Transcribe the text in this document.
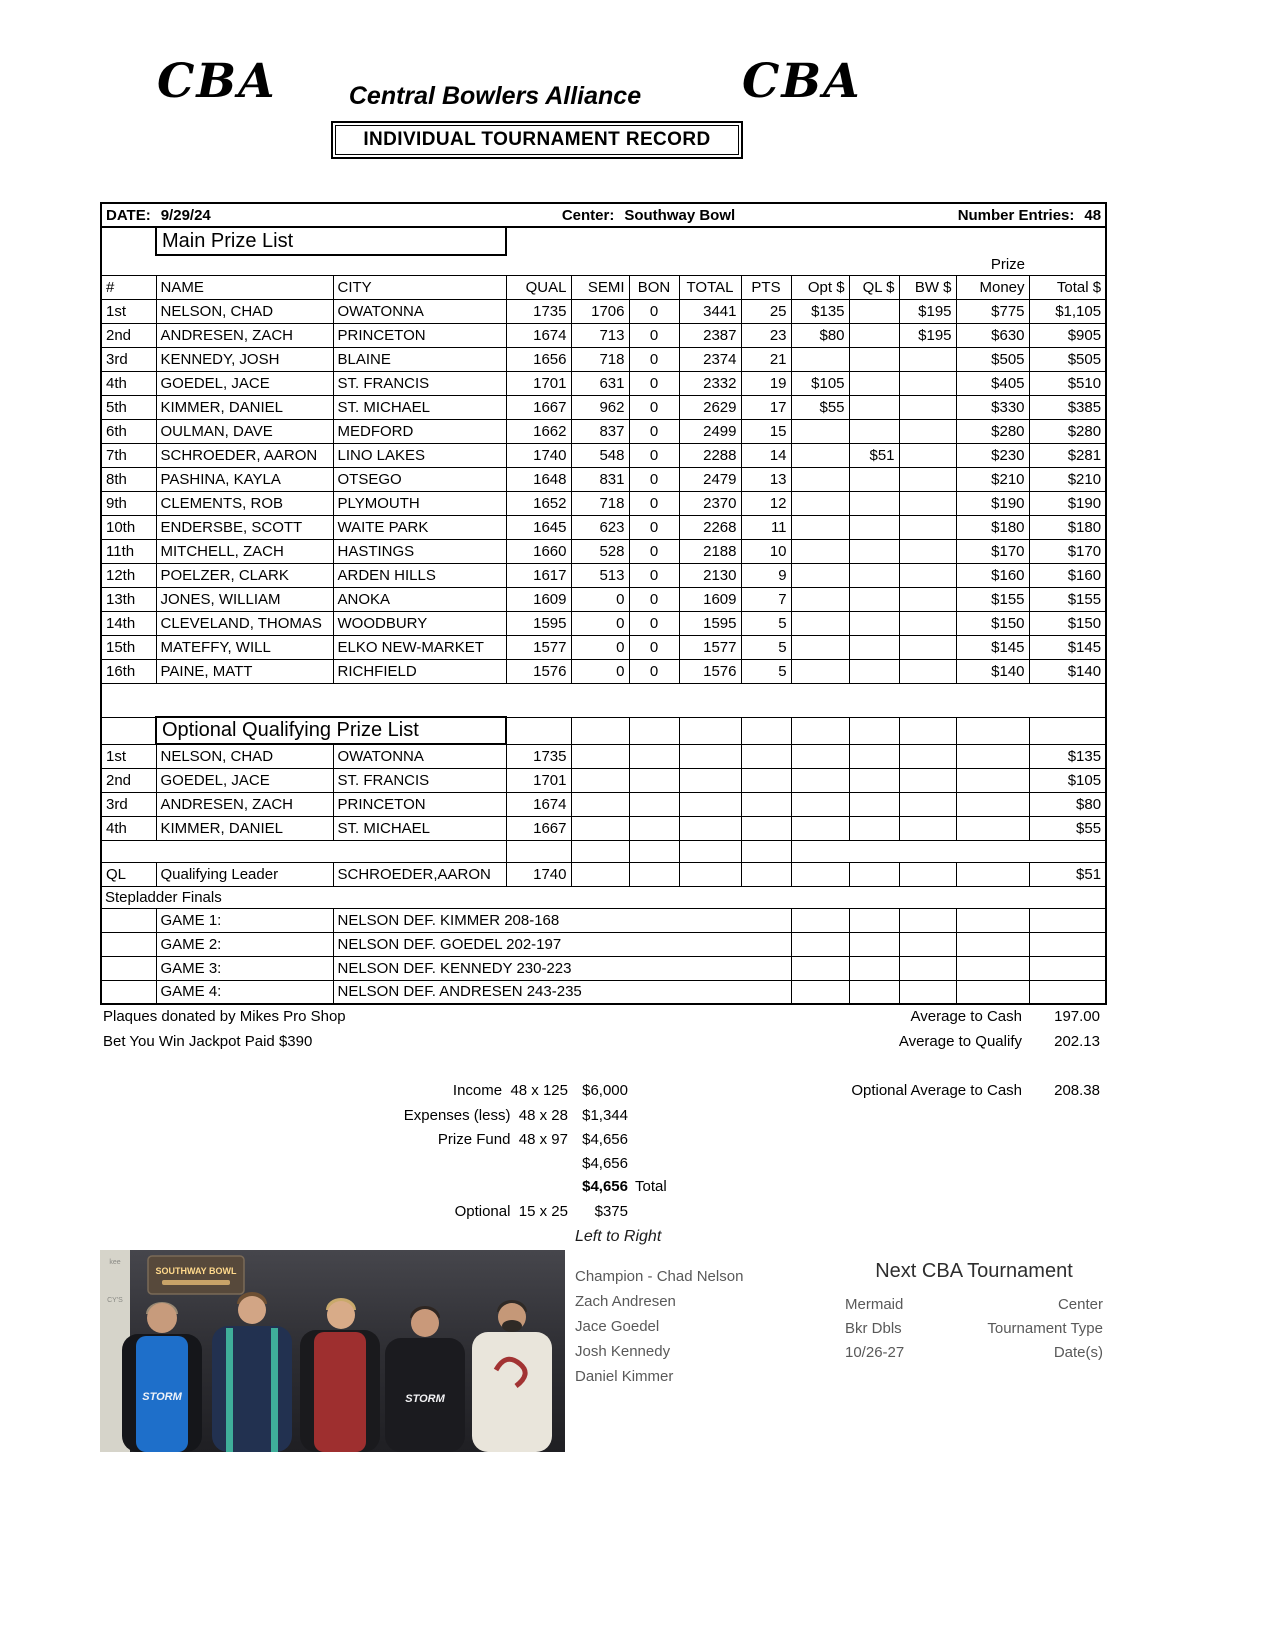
CBA	Central Bowlers Alliance	CBA
INDIVIDUAL TOURNAMENT RECORD
DATE: 9/29/24			Center: Southway Bowl					Number Entries: 48				
	Main Prize List											
											Prize	
#	NAME	CITY	QUAL	SEMI	BON	TOTAL	PTS	Opt $	QL $	BW $	Money	Total $
1st	NELSON, CHAD	OWATONNA	1735	1706	0	3441	25	$135		$195	$775	$1,105
2nd	ANDRESEN, ZACH	PRINCETON	1674	713	0	2387	23	$80		$195	$630	$905
3rd	KENNEDY, JOSH	BLAINE	1656	718	0	2374	21				$505	$505
4th	GOEDEL, JACE	ST. FRANCIS	1701	631	0	2332	19	$105			$405	$510
5th	KIMMER, DANIEL	ST. MICHAEL	1667	962	0	2629	17	$55			$330	$385
6th	OULMAN, DAVE	MEDFORD	1662	837	0	2499	15				$280	$280
7th	SCHROEDER, AARON	LINO LAKES	1740	548	0	2288	14		$51		$230	$281
8th	PASHINA, KAYLA	OTSEGO	1648	831	0	2479	13				$210	$210
9th	CLEMENTS, ROB	PLYMOUTH	1652	718	0	2370	12				$190	$190
10th	ENDERSBE, SCOTT	WAITE PARK	1645	623	0	2268	11				$180	$180
11th	MITCHELL, ZACH	HASTINGS	1660	528	0	2188	10				$170	$170
12th	POELZER, CLARK	ARDEN HILLS	1617	513	0	2130	9				$160	$160
13th	JONES, WILLIAM	ANOKA	1609	0	0	1609	7				$155	$155
14th	CLEVELAND, THOMAS	WOODBURY	1595	0	0	1595	5				$150	$150
15th	MATEFFY, WILL	ELKO NEW-MARKET	1577	0	0	1577	5				$145	$145
16th	PAINE, MATT	RICHFIELD	1576	0	0	1576	5				$140	$140

	Optional Qualifying Prize List											
1st	NELSON, CHAD	OWATONNA	1735									$135
2nd	GOEDEL, JACE	ST. FRANCIS	1701									$105
3rd	ANDRESEN, ZACH	PRINCETON	1674									$80
4th	KIMMER, DANIEL	ST. MICHAEL	1667									$55

QL	Qualifying Leader	SCHROEDER,AARON	1740									$51
Stepladder Finals												
	GAME 1:	NELSON DEF. KIMMER 208-168										
	GAME 2:	NELSON DEF. GOEDEL 202-197										
	GAME 3:	NELSON DEF. KENNEDY 230-223										
	GAME 4:	NELSON DEF. ANDRESEN 243-235										
Plaques donated by Mikes Pro Shop
Bet You Win Jackpot Paid $390
Average to Cash	197.00
Average to Qualify	202.13
Optional Average to Cash	208.38
Income  48 x 125 $6,000
Expenses (less)  48 x 28 $1,344
Prize Fund  48 x 97 $4,656
$4,656
$4,656 Total
Optional  15 x 25	$375
Left to Right
kee
CY'S
SOUTHWAY BOWL
STORM	STORM
Champion - Chad Nelson
Zach Andresen
Jace Goedel
Josh Kennedy
Daniel Kimmer
Next CBA Tournament
Mermaid	Center
Bkr Dbls	Tournament Type
10/26-27	Date(s)
